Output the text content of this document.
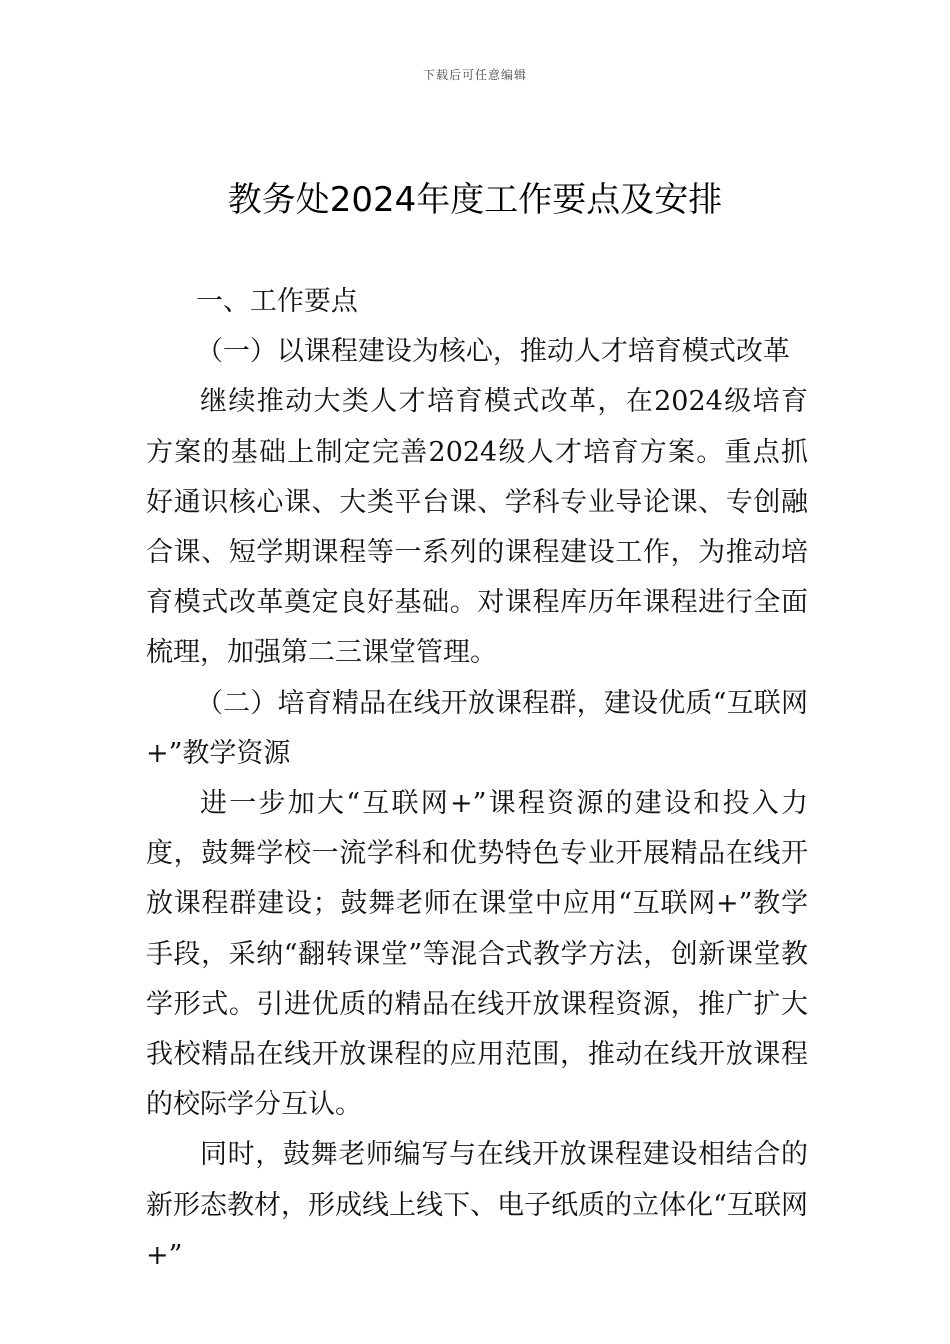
下载后可任意编辑
教务处2024年度工作要点及安排

一、工作要点

（一）以课程建设为核心，推动人才培育模式改革

继续推动大类人才培育模式改革，在2024级培育方案的基础上制定完善2024级人才培育方案。重点抓好通识核心课、大类平台课、学科专业导论课、专创融合课、短学期课程等一系列的课程建设工作，为推动培育模式改革奠定良好基础。对课程库历年课程进行全面梳理，加强第二三课堂管理。

（二）培育精品在线开放课程群，建设优质“互联网+”教学资源

进一步加大“互联网+”课程资源的建设和投入力度，鼓舞学校一流学科和优势特色专业开展精品在线开放课程群建设；鼓舞老师在课堂中应用“互联网+”教学手段，采纳“翻转课堂”等混合式教学方法，创新课堂教学形式。引进优质的精品在线开放课程资源，推广扩大我校精品在线开放课程的应用范围，推动在线开放课程的校际学分互认。

同时，鼓舞老师编写与在线开放课程建设相结合的新形态教材，形成线上线下、电子纸质的立体化“互联网+”
